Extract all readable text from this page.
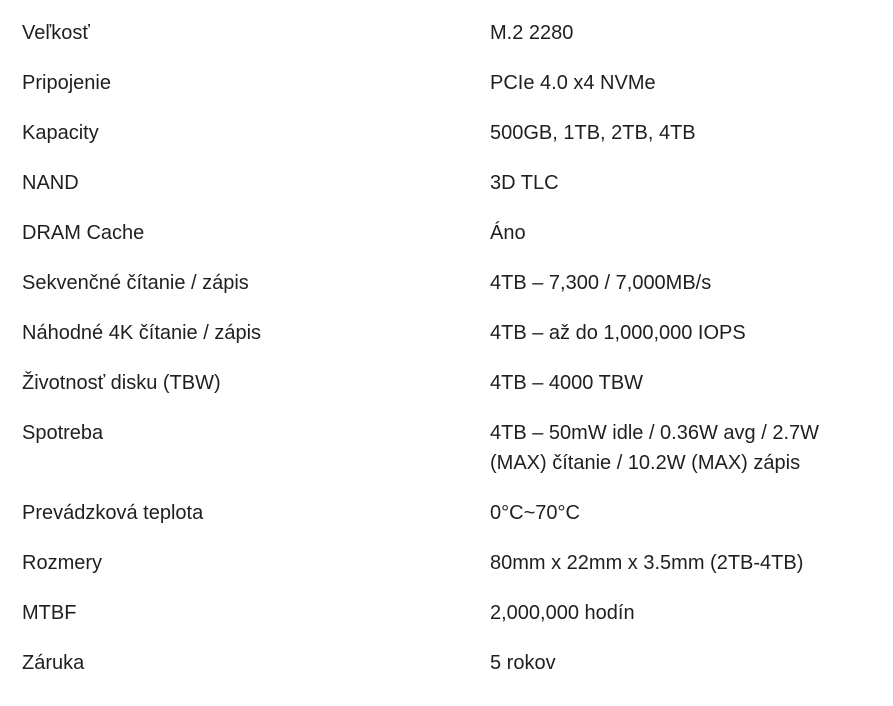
Veľkosť	M.2 2280
Pripojenie	PCIe 4.0 x4 NVMe
Kapacity	500GB, 1TB, 2TB, 4TB
NAND	3D TLC
DRAM Cache	Áno
Sekvenčné čítanie / zápis	4TB – 7,300 / 7,000MB/s
Náhodné 4K čítanie / zápis	4TB – až do 1,000,000 IOPS
Životnosť disku (TBW)	4TB – 4000 TBW
Spotreba	4TB – 50mW idle / 0.36W avg / 2.7W (MAX) čítanie / 10.2W (MAX) zápis
Prevádzková teplota	0°C~70°C
Rozmery	80mm x 22mm x 3.5mm (2TB-4TB)
MTBF	2,000,000 hodín
Záruka	5 rokov
